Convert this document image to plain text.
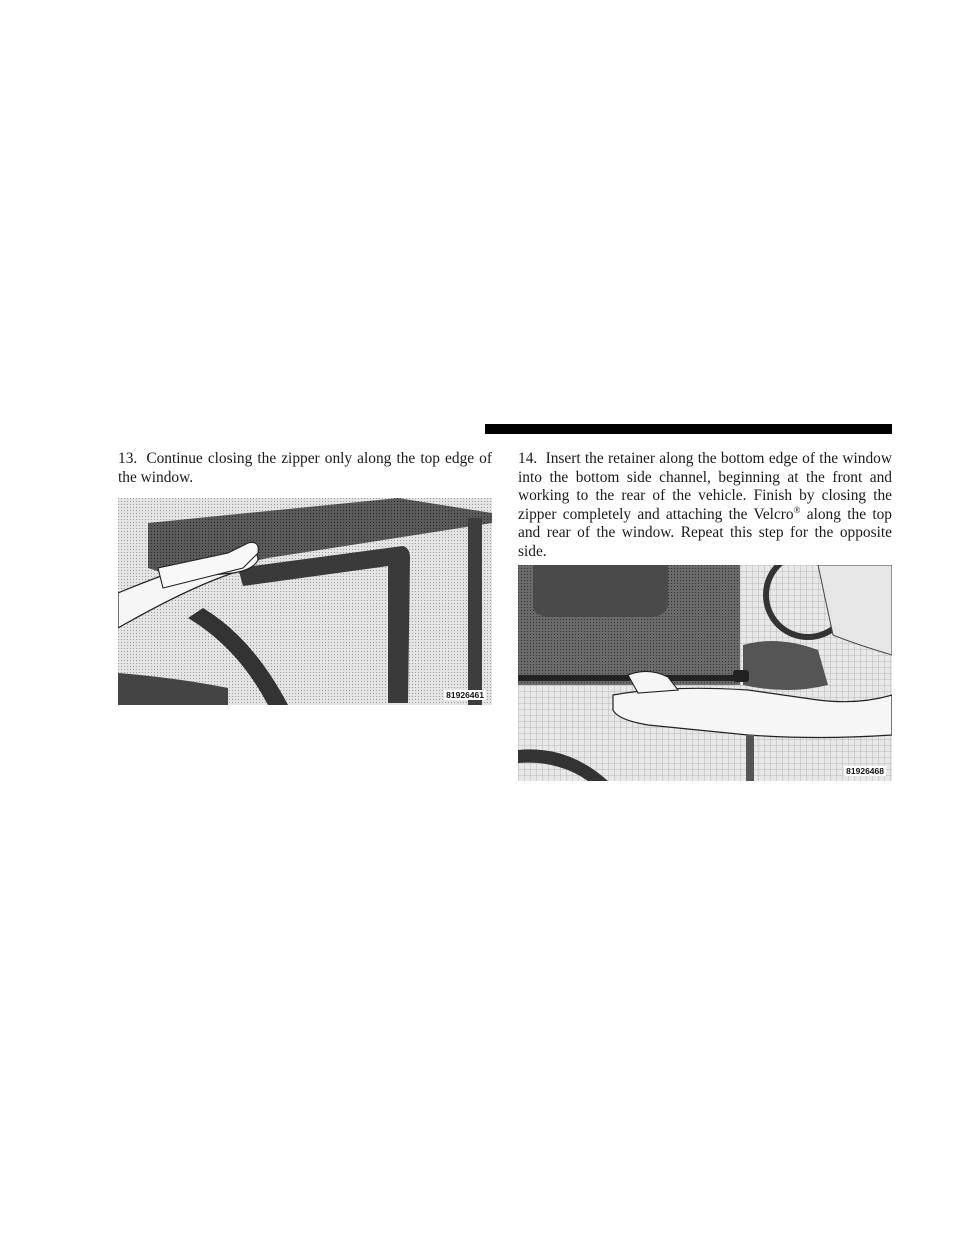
13. Continue closing the zipper only along the top edge of the window.

81926461

14. Insert the retainer along the bottom edge of the window into the bottom side channel, beginning at the front and working to the rear of the vehicle. Finish by closing the zipper completely and attaching the Velcro® along the top and rear of the window. Repeat this step for the opposite side.

81926468
